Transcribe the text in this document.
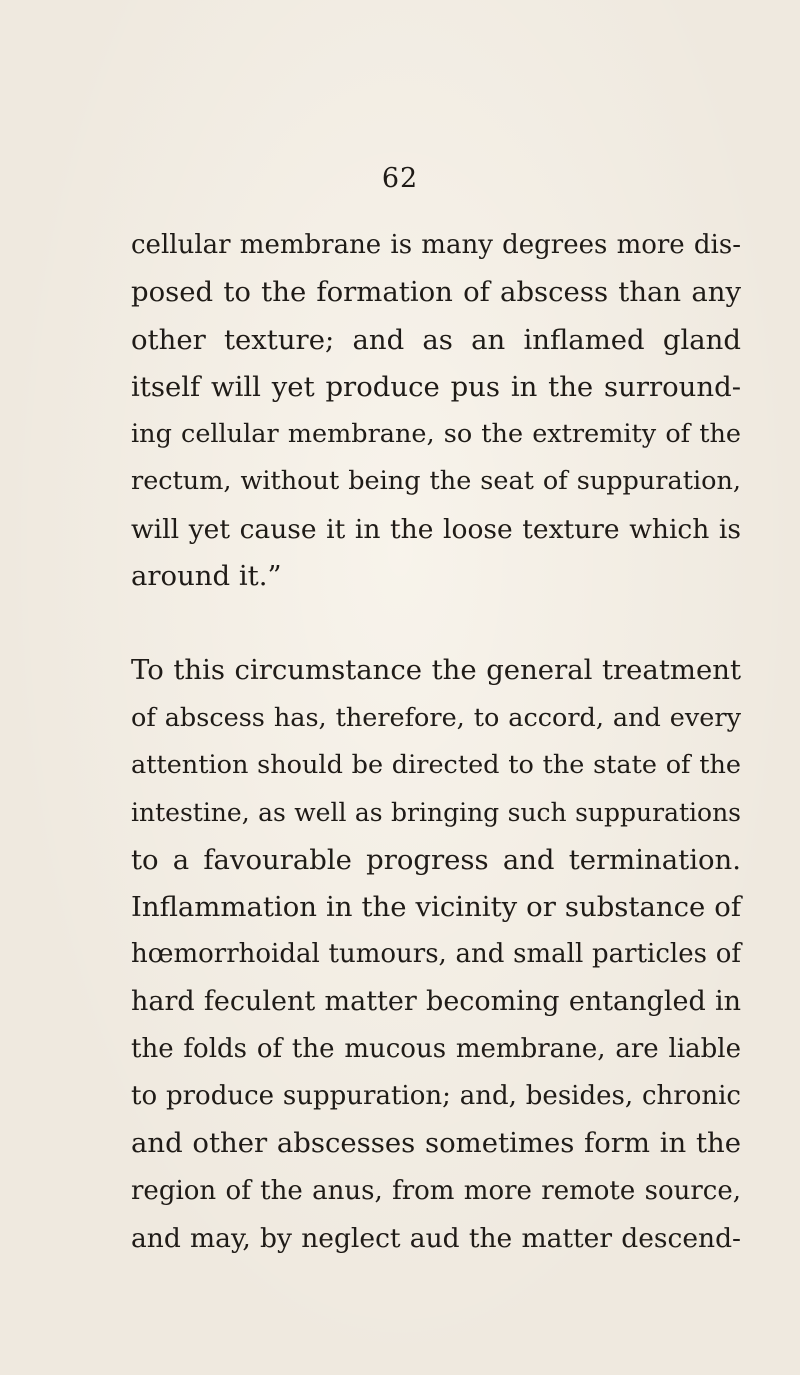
62
cellular membrane is many degrees more dis-
posed to the formation of abscess than any
other texture; and as an inflamed gland
itself will yet produce pus in the surround-
ing cellular membrane, so the extremity of the
rectum, without being the seat of suppuration,
will yet cause it in the loose texture which is
around it.”
To this circumstance the general treatment
of abscess has, therefore, to accord, and every
attention should be directed to the state of the
intestine, as well as bringing such suppurations
to a favourable progress and termination.
Inflammation in the vicinity or substance of
hœmorrhoidal tumours, and small particles of
hard feculent matter becoming entangled in
the folds of the mucous membrane, are liable
to produce suppuration; and, besides, chronic
and other abscesses sometimes form in the
region of the anus, from more remote source,
and may, by neglect aud the matter descend-
